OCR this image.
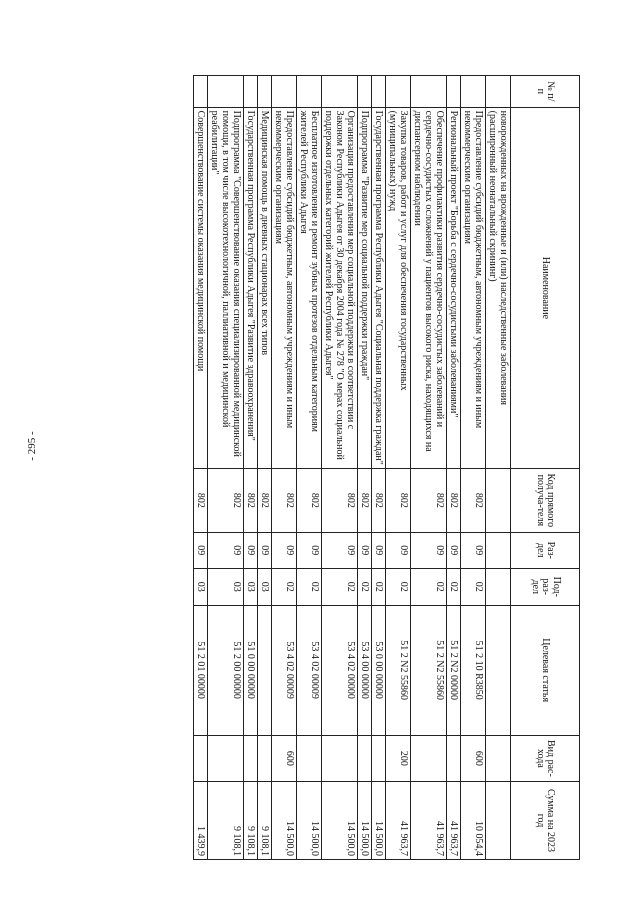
- 295 -
№ п/п	Наименование	Код прямого получа-теля	Раз-дел	Под-раз-дел	Целевая статья	Вид рас-хода	Сумма на 2023 год
	новорожденных на врожденные и (или) наследственные заболевания (расширенный неонатальный скрининг)						
	Предоставление субсидий бюджетным, автономным учреждениям и иным некоммерческим организациям	802	09	02	51 2 10 R3850	600	10 054,4
	Региональный проект "Борьба с сердечно-сосудистыми заболеваниями"	802	09	02	51 2 N2 00000		41 963,7
	Обеспечение профилактики развития сердечно-сосудистых заболеваний и сердечно-сосудистых осложнений у пациентов высокого риска, находящихся на диспансерном наблюдении	802	09	02	51 2 N2 55860		41 963,7
	Закупка товаров, работ и услуг для обеспечения государственных (муниципальных) нужд	802	09	02	51 2 N2 55860	200	41 963,7
	Государственная программа Республики Адыгея "Социальная поддержка граждан"	802	09	02	53 0 00 00000		14 500,0
	Подпрограмма "Развитие мер социальной поддержки граждан"	802	09	02	53 4 00 00000		14 500,0
	Организация предоставления мер социальной поддержки в соответствии с Законом Республики Адыгея от 30 декабря 2004 года № 278 "О мерах социальной поддержки отдельных категорий жителей Республики Адыгея"	802	09	02	53 4 02 00000		14 500,0
	Бесплатное изготовление и ремонт зубных протезов отдельным категориям жителей Республики Адыгея	802	09	02	53 4 02 00009		14 500,0
	Предоставление субсидий бюджетным, автономным учреждениям и иным некоммерческим организациям	802	09	02	53 4 02 00009	600	14 500,0
	Медицинская помощь в дневных стационарах всех типов	802	09	03			9 108,1
	Государственная программа Республики Адыгея "Развитие здравоохранения"	802	09	03	51 0 00 00000		9 108,1
	Подпрограмма "Совершенствование оказания специализированной медицинской помощи, в том числе высокотехнологичной, паллиативной и медицинской реабилитации"	802	09	03	51 2 00 00000		9 108,1
	Совершенствование системы оказания медицинской помощи	802	09	03	51 2 01 00000		1 439,9
